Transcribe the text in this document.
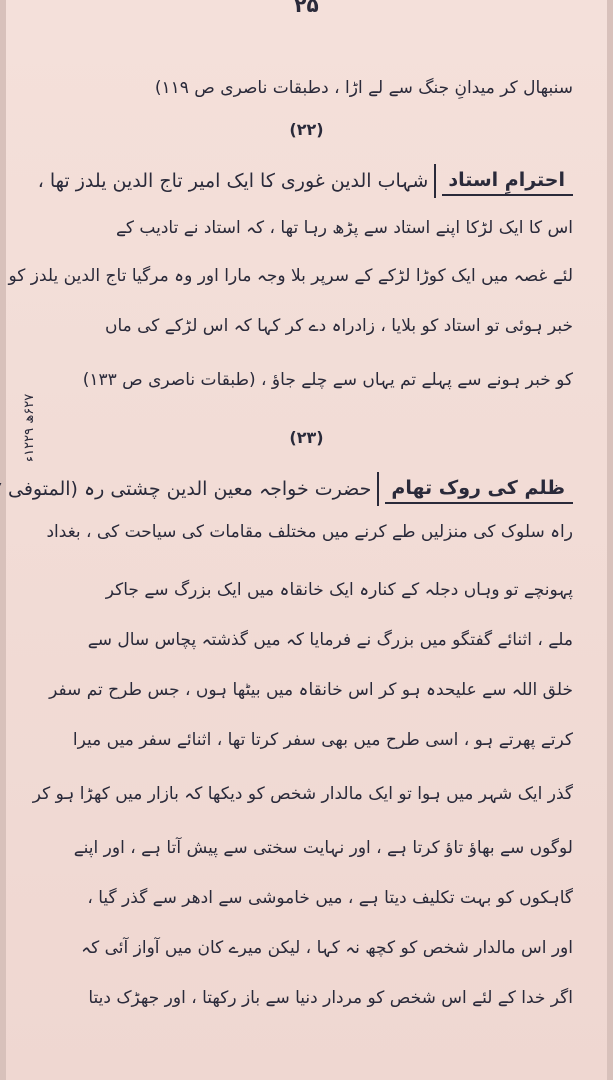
۲۵
سنبھال کر میدانِ جنگ سے لے اڑا ، دطبقات ناصری ص ۱۱۹)
(۲۲)
احترامِ استاد
شہاب الدین غوری کا ایک امیر تاج الدین یلدز تھا ،
اس کا ایک لڑکا اپنے استاد سے پڑھ رہا تھا ، کہ استاد نے تادیب کے
لئے غصہ میں ایک کوڑا لڑکے کے سرپر بلا وجہ مارا اور وہ مرگیا تاج الدین یلدز کو
خبر ہوئی تو استاد کو بلایا ، زادراہ دے کر کہا کہ اس لڑکے کی ماں
کو خبر ہونے سے پہلے تم یہاں سے چلے جاؤ ، (طبقات ناصری ص ۱۳۳)
(۲۳)
ظلم کی روک تھام
حضرت خواجہ معین الدین چشتی رہ (المتوفی
۶۲۷ھ ۱۲۲۹ء
راہ سلوک کی منزلیں طے کرنے میں مختلف مقامات کی سیاحت کی ، بغداد
پہونچے تو وہاں دجلہ کے کنارہ ایک خانقاہ میں ایک بزرگ سے جاکر
ملے ، اثنائے گفتگو میں بزرگ نے فرمایا کہ میں گذشتہ پچاس سال سے
خلق اللہ سے علیحدہ ہو کر اس خانقاہ میں بیٹھا ہوں ، جس طرح تم سفر
کرتے پھرتے ہو ، اسی طرح میں بھی سفر کرتا تھا ، اثنائے سفر میں میرا
گذر ایک شہر میں ہوا تو ایک مالدار شخص کو دیکھا کہ بازار میں کھڑا ہو کر
لوگوں سے بھاؤ تاؤ کرتا ہے ، اور نہایت سختی سے پیش آتا ہے ، اور اپنے
گاہکوں کو بہت تکلیف دیتا ہے ، میں خاموشی سے ادھر سے گذر گیا ،
اور اس مالدار شخص کو کچھ نہ کہا ، لیکن میرے کان میں آواز آئی کہ
اگر خدا کے لئے اس شخص کو مردار دنیا سے باز رکھتا ، اور جھڑک دیتا
